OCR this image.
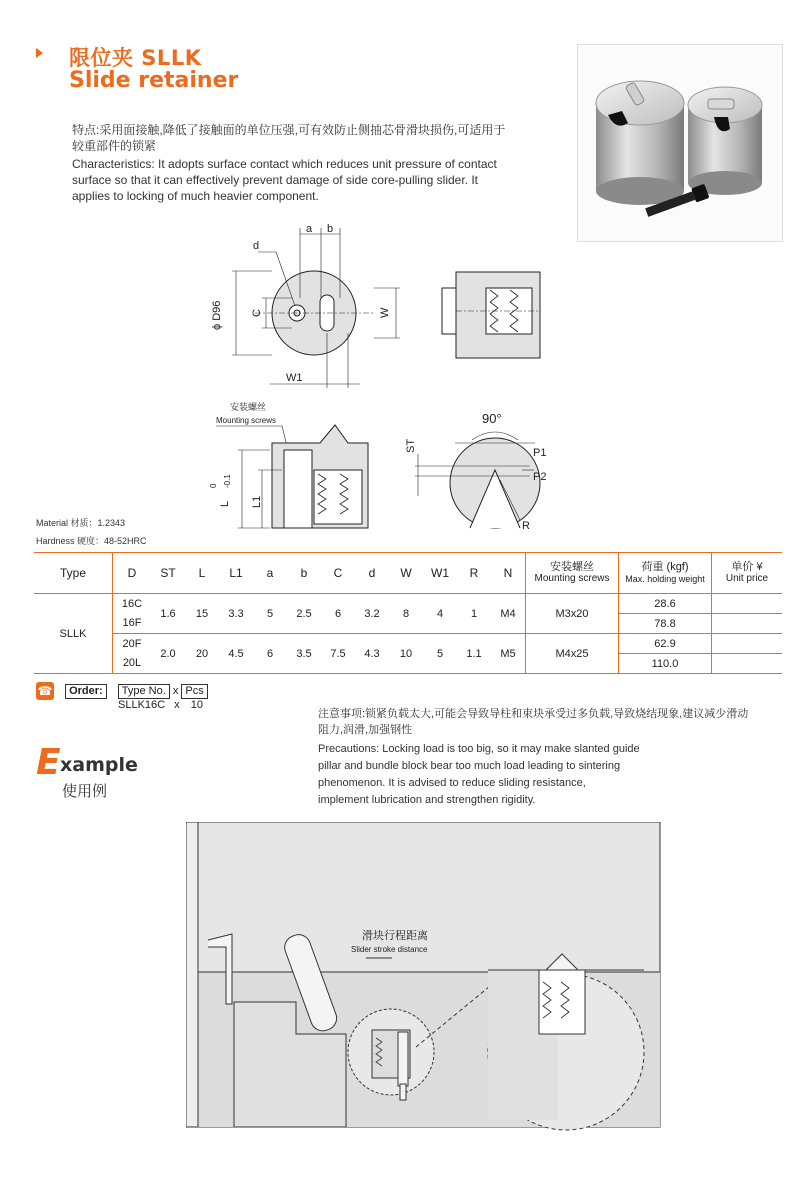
限位夹 SLLK
Slide retainer
特点:采用面接触,降低了接触面的单位压强,可有效防止侧抽芯骨滑块损伤,可适用于
较重部件的锁紧
Characteristics: It adopts surface contact which reduces unit pressure of contact
surface so that it can effectively prevent damage of side core-pulling slider. It
applies to locking of much heavier component.
a b
d
ϕ D96	C	W
W1
安装螺丝
Mounting screws
L
0 -0.1
L1
90°
ST	P1
P2
R
Material 材质：1.2343
Hardness 硬度：48-52HRC
Type	D	ST	L	L1	a	b	C	d	W	W1	R	N	安装螺丝
Mounting screws	荷重 (kgf)
Max. holding weight	单价 ¥
Unit price

SLLK	16C	1.6	15	3.3	5	2.5	6	3.2	8	4	1	M4	M3x20	28.6	
	16F													78.8	
	20F	2.0	20	4.5	6	3.5	7.5	4.3	10	5	1.1	M5	M4x25	62.9	
	20L													110.0	
☎ Order: Type No. x Pcs
SLLK16C x 10
注意事项:锁紧负载太大,可能会导致导柱和束块承受过多负载,导致烧结现象,建议减少滑动
阻力,润滑,加强钢性
Precautions: Locking load is too big, so it may make slanted guide
pillar and bundle block bear too much load leading to sintering
phenomenon. It is advised to reduce sliding resistance,
implement lubrication and strengthen rigidity.
E xample
使用例
滑块行程距离
Slider stroke distance
